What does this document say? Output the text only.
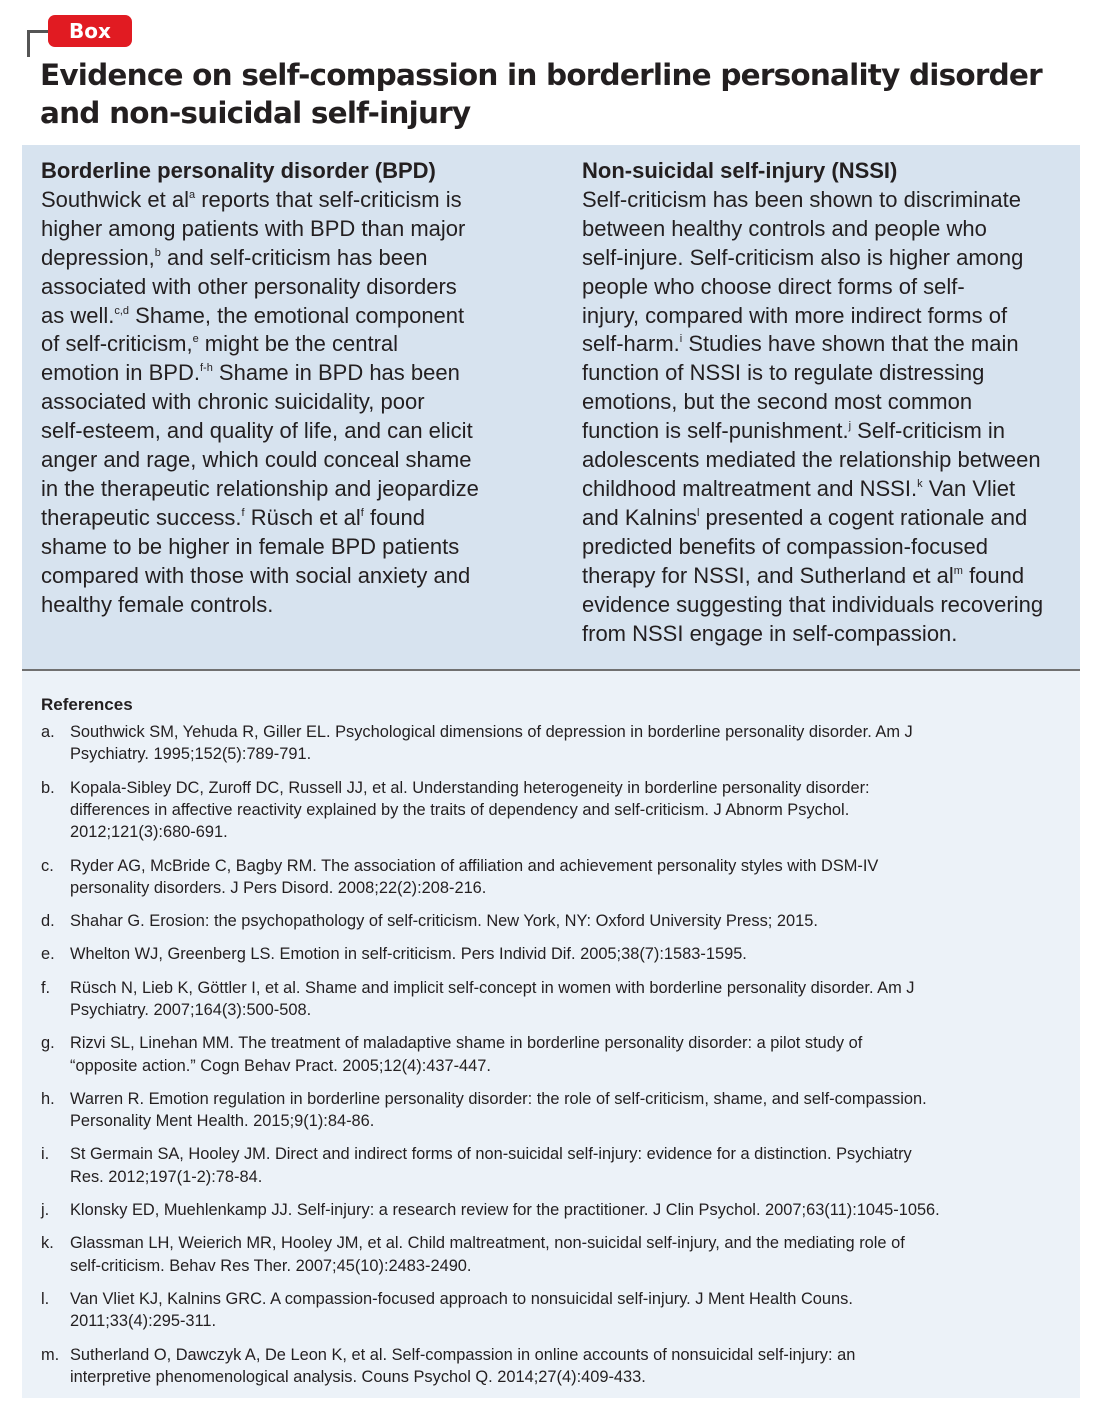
Box
Evidence on self-compassion in borderline personality disorder
and non-suicidal self-injury
Borderline personality disorder (BPD)
Southwick et $al^a$ reports that self-criticism is
higher among patients with BPD than major
depression,$^b$ and self-criticism has been
associated with other personality disorders
as well.$^{c,d}$ Shame, the emotional component
of self-criticism,$^e$ might be the central
emotion in BPD.$^{f-h}$ Shame in BPD has been
associated with chronic suicidality, poor
self-esteem, and quality of life, and can elicit
anger and rage, which could conceal shame
in the therapeutic relationship and jeopardize
therapeutic success.$^f$ Rüsch et $al^f$ found
shame to be higher in female BPD patients
compared with those with social anxiety and
healthy female controls.
Non-suicidal self-injury (NSSI)
Self-criticism has been shown to discriminate
between healthy controls and people who
self-injure. Self-criticism also is higher among
people who choose direct forms of self-
injury, compared with more indirect forms of
self-harm.$^i$ Studies have shown that the main
function of NSSI is to regulate distressing
emotions, but the second most common
function is self-punishment.$^j$ Self-criticism in
adolescents mediated the relationship between
childhood maltreatment and NSSI.$^k$ Van Vliet
and Kalnins$^l$ presented a cogent rationale and
predicted benefits of compassion-focused
therapy for NSSI, and Sutherland et $al^m$ found
evidence suggesting that individuals recovering
from NSSI engage in self-compassion.
References
a. Southwick SM, Yehuda R, Giller EL. Psychological dimensions of depression in borderline personality disorder. Am J
Psychiatry. 1995;152(5):789-791.
b. Kopala-Sibley DC, Zuroff DC, Russell JJ, et al. Understanding heterogeneity in borderline personality disorder:
differences in affective reactivity explained by the traits of dependency and self-criticism. J Abnorm Psychol.
2012;121(3):680-691.
c. Ryder AG, McBride C, Bagby RM. The association of affiliation and achievement personality styles with DSM-IV
personality disorders. J Pers Disord. 2008;22(2):208-216.
d. Shahar G. Erosion: the psychopathology of self-criticism. New York, NY: Oxford University Press; 2015.
e. Whelton WJ, Greenberg LS. Emotion in self-criticism. Pers Individ Dif. 2005;38(7):1583-1595.
f.	Rüsch N, Lieb K, Göttler I, et al. Shame and implicit self-concept in women with borderline personality disorder. Am J
Psychiatry. 2007;164(3):500-508.
g. Rizvi SL, Linehan MM. The treatment of maladaptive shame in borderline personality disorder: a pilot study of
“opposite action.” Cogn Behav Pract. 2005;12(4):437-447.
h. Warren R. Emotion regulation in borderline personality disorder: the role of self-criticism, shame, and self-compassion.
Personality Ment Health. 2015;9(1):84-86.
i.	St Germain SA, Hooley JM. Direct and indirect forms of non-suicidal self-injury: evidence for a distinction. Psychiatry
Res. 2012;197(1-2):78-84.
j.	Klonsky ED, Muehlenkamp JJ. Self-injury: a research review for the practitioner. J Clin Psychol. 2007;63(11):1045-1056.
k. Glassman LH, Weierich MR, Hooley JM, et al. Child maltreatment, non-suicidal self-injury, and the mediating role of
self-criticism. Behav Res Ther. 2007;45(10):2483-2490.
l.	Van Vliet KJ, Kalnins GRC. A compassion-focused approach to nonsuicidal self-injury. J Ment Health Couns.
2011;33(4):295-311.
m. Sutherland O, Dawczyk A, De Leon K, et al. Self-compassion in online accounts of nonsuicidal self-injury: an
interpretive phenomenological analysis. Couns Psychol Q. 2014;27(4):409-433.
